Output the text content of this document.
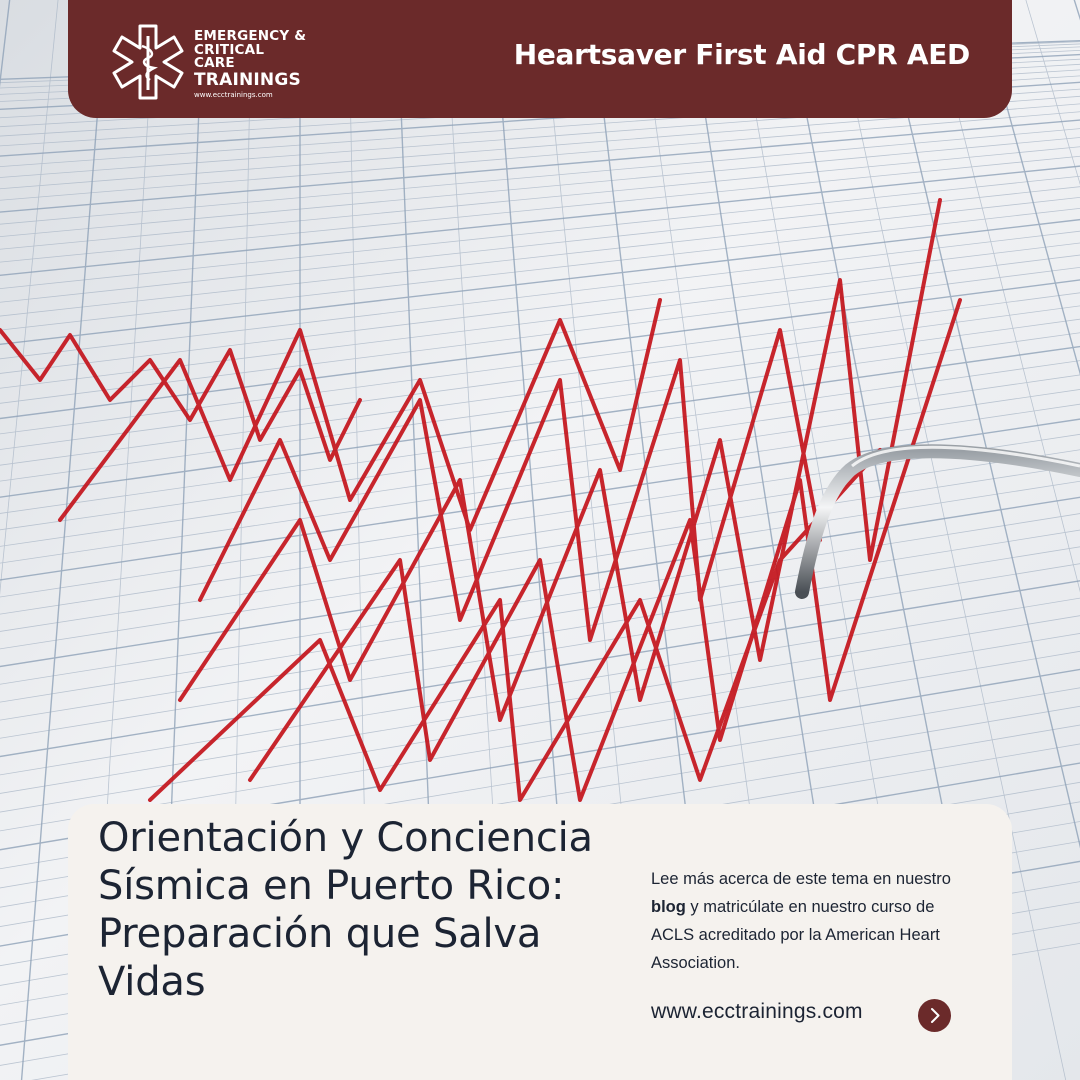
EMERGENCY &
CRITICAL CARE
TRAININGS
www.ecctrainings.com
Heartsaver First Aid CPR AED
Orientación y Conciencia Sísmica en Puerto Rico: Preparación que Salva Vidas
Lee más acerca de este tema en nuestro blog y matricúlate en nuestro curso de ACLS acreditado por la American Heart Association.
www.ecctrainings.com
